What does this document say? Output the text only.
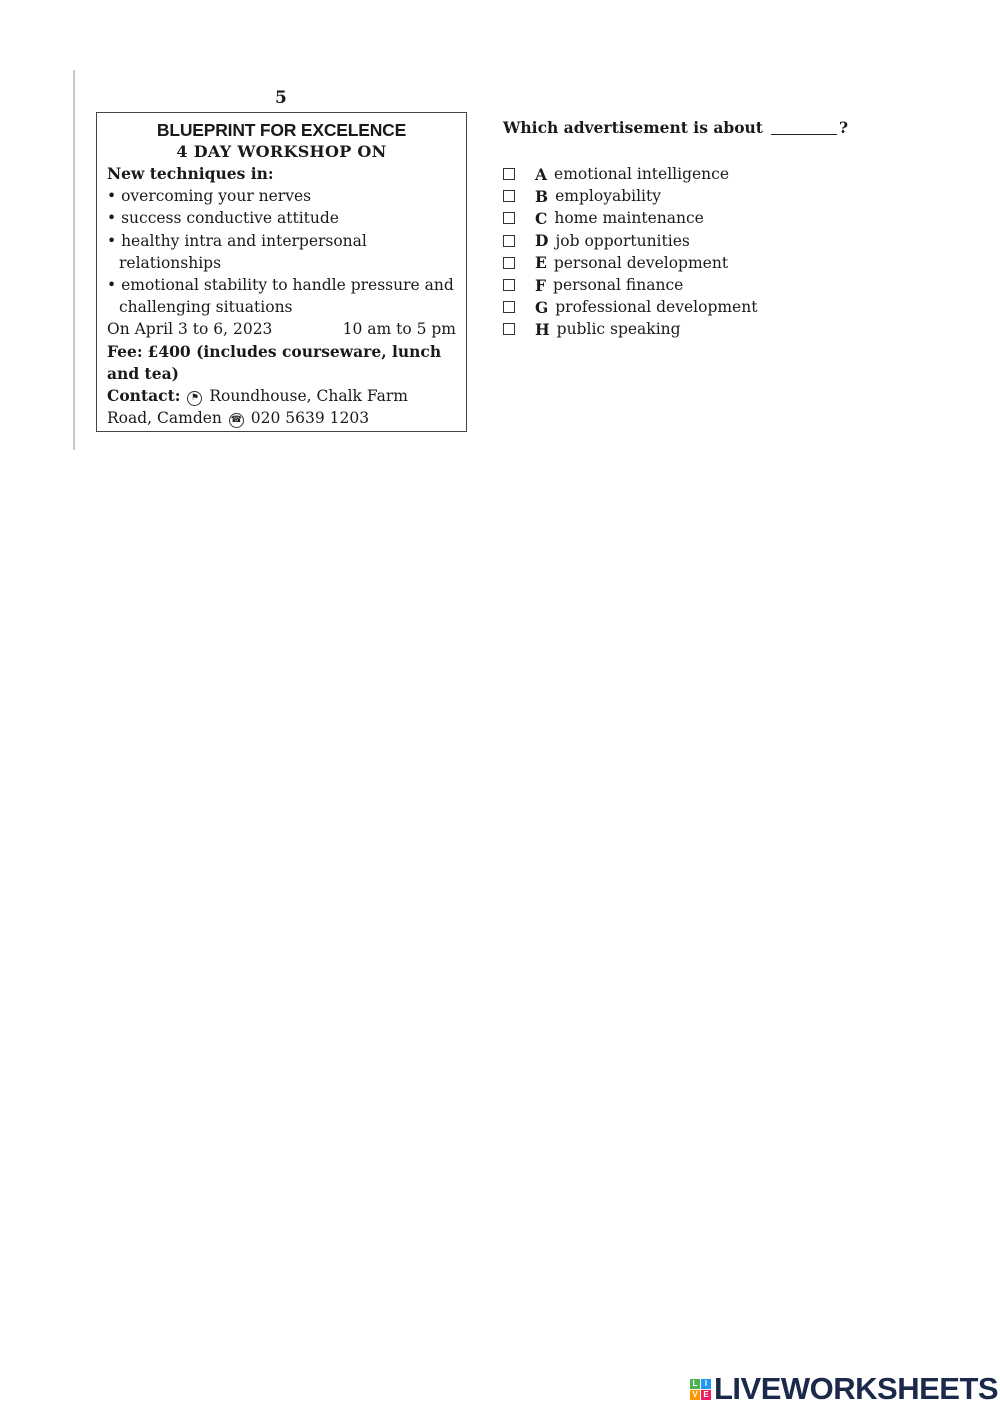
5
BLUEPRINT FOR EXCELENCE
4 DAY WORKSHOP ON
New techniques in:
• overcoming your nerves
• success conductive attitude
• healthy intra and interpersonal relationships
• emotional stability to handle pressure and challenging situations
On April 3 to 6, 2023	10 am to 5 pm
Fee: £400 (includes courseware, lunch and tea)
Contact: ⚑ Roundhouse, Chalk Farm Road, Camden ☎ 020 5639 1203
Which advertisement is about	?
A emotional intelligence
B employability
C home maintenance
D job opportunities
E personal development
F personal finance
G professional development
H public speaking
L I
V E LIVEWORKSHEETS
